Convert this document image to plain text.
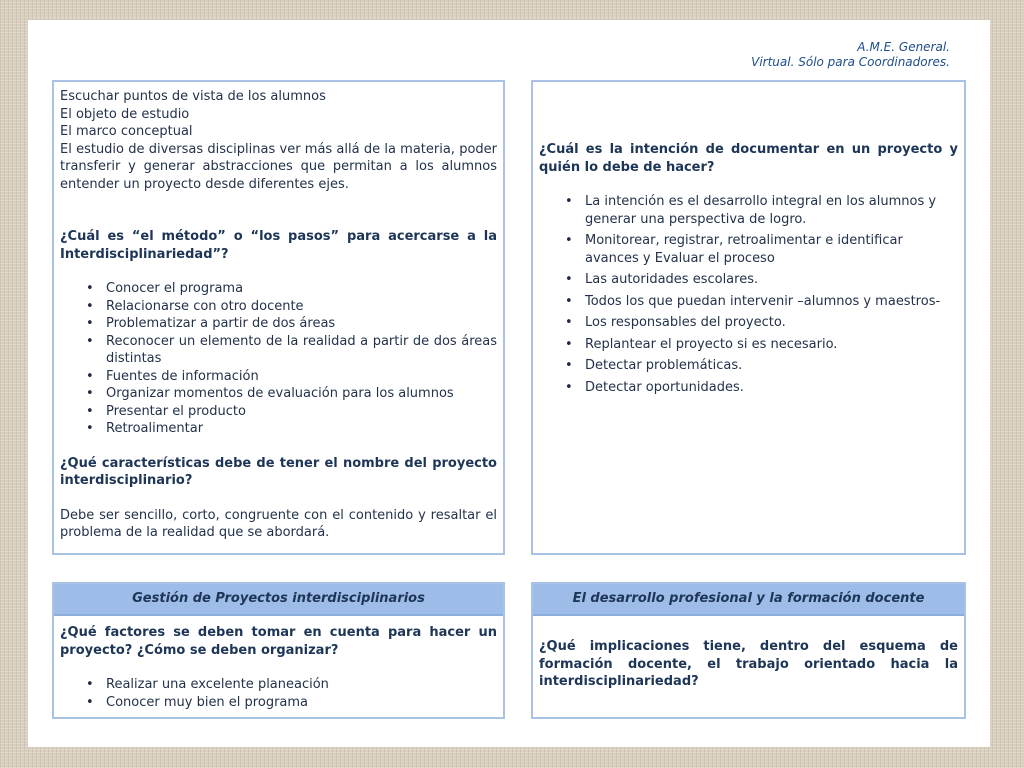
A.M.E. General.
Virtual. Sólo para Coordinadores.

Escuchar puntos de vista de los alumnos

El objeto de estudio

El marco conceptual

El estudio de diversas disciplinas ver más allá de la materia, poder transferir y generar abstracciones que permitan a los alumnos entender un proyecto desde diferentes ejes.

¿Cuál es “el método” o “los pasos” para acercarse a la Interdisciplinariedad”?

• Conocer el programa
• Relacionarse con otro docente
• Problematizar a partir de dos áreas
• Reconocer un elemento de la realidad a partir de dos áreas distintas
• Fuentes de información
• Organizar momentos de evaluación para los alumnos
• Presentar el producto
• Retroalimentar

¿Qué características debe de tener el nombre del proyecto interdisciplinario?

Debe ser sencillo, corto, congruente con el contenido y resaltar el problema de la realidad que se abordará.

¿Cuál es la intención de documentar en un proyecto y quién lo debe de hacer?

• La intención es el desarrollo integral en los alumnos y generar una perspectiva de logro.
• Monitorear, registrar, retroalimentar e identificar avances y Evaluar el proceso
• Las autoridades escolares.
• Todos los que puedan intervenir –alumnos y maestros-
• Los responsables del proyecto.
• Replantear el proyecto si es necesario.
• Detectar problemáticas.
• Detectar oportunidades.
Gestión de Proyectos interdisciplinarios

¿Qué factores se deben tomar en cuenta para hacer un proyecto? ¿Cómo se deben organizar?

• Realizar una excelente planeación
• Conocer muy bien el programa
El desarrollo profesional y la formación docente

¿Qué implicaciones tiene, dentro del esquema de formación docente, el trabajo orientado hacia la interdisciplinariedad?
